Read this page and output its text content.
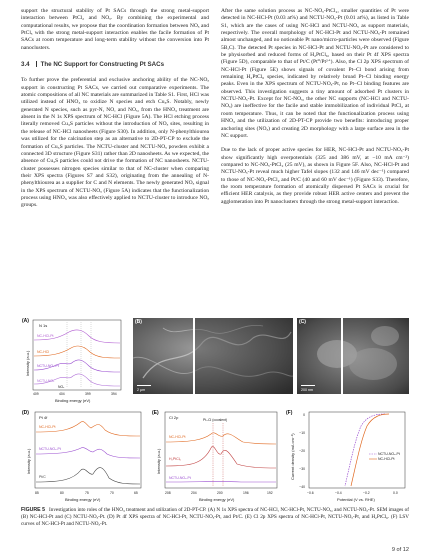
support the structural stability of Pt SACs through the strong metal-support interaction between PtCl₂ and NOₓ. By combining the experimental and computational results, we propose that the coordination formation between NOₓ and PtClₓ with the strong metal-support interaction enables the facile formation of Pt SACs at room temperature and long-term stability without the conversion into Pt nanoclusters.

3.4 The NC Support for Constructing Pt SACs

To further prove the preferential and exclusive anchoring ability of the NC-NOₓ support in constructing Pt SACs, we carried out comparative experiments. The atomic compositions of all NC materials are summarized in Table S1. First, HCl was utilized instead of HNO₃ to oxidize N species and etch Cu₃S. Notably, newly generated N species, such as pyr-N, NO, and NOₓ, from the HNO₃ treatment are absent in the N 1s XPS spectrum of NC-HCl (Figure 5A). The HCl etching process literally removed Cu₃S particles without the introduction of NOₓ sites, resulting in the release of NC-HCl nanosheets (Figure S30). In addition, only N-phenylthiourea was utilized for the calcination step as an alternative to 2D-PT-CP to exclude the formation of Cu₃S particles. The NCTU-cluster and NCTU-NOₓ powders exhibit a connected 3D structure (Figure S31) rather than 2D nanosheets. As we expected, the absence of Cu₃S particles could not drive the formation of NC nanosheets. NCTU-cluster possesses nitrogen species similar to that of NC-cluster when comparing their XPS spectra (Figures S7 and S32), originating from the annealing of N-phenylthiourea as a supplier for C and N elements. The newly generated NOₓ signal in the XPS spectrum of NCTU-NOₓ (Figure 5A) indicates that the functionalization process using HNO₃ was also effectively applied to NCTU-cluster to introduce NOₓ groups.

After the same solution process as NC-NOₓ-PtCl₂, smaller quantities of Pt were detected in NC-HCl-Pt (0.03 at%) and NCTU-NOₓ-Pt (0.01 at%), as listed in Table S1, which are the cases of using NC-HCl and NCTU-NOₓ as support materials, respectively. The overall morphology of NC-HCl-Pt and NCTU-NOₓ-Pt remained almost unchanged, and no noticeable Pt nano/micro-particles were observed (Figure 5B,C). The detected Pt species in NC-HCl-Pt and NCTU-NOₓ-Pt are considered to be physisorbed and reduced forms of H₂PtCl₆, based on their Pt 4f XPS spectra (Figure 5D), comparable to that of Pt/C (Pt⁰/Pt²⁺). Also, the Cl 2p XPS spectrum of NC-HCl-Pt (Figure 5E) shows signals of covalent Pt–Cl bond arising from remaining H₂PtCl₆ species, indicated by relatively broad Pt–Cl binding energy peaks. Even in the XPS spectrum of NCTU-NOₓ-Pt, no Pt–Cl binding features are observed. This investigation suggests a tiny amount of adsorbed Pt clusters in NCTU-NOₓ-Pt. Except for NC-NOₓ, the other NC supports (NC-HCl and NCTU-NOₓ) are ineffective for the facile and stable immobilization of individual PtCl₂ at room temperature. Thus, it can be noted that the functionalization process using HNO₃ and the utilization of 2D-PT-CP provide two benefits: introducing proper anchoring sites (NOₓ) and creating 2D morphology with a large surface area in the NC support.

Due to the lack of proper active species for HER, NC-HCl-Pt and NCTU-NOₓ-Pt show significantly high overpotentials (325 and 386 mV, at −10 mA cm⁻²) compared to NC-NOₓ-PtCl₂ (25 mV), as shown in Figure 5F. Also, NC-HCl-Pt and NCTU-NOₓ-Pt reveal much higher Tafel slopes (132 and 146 mV dec⁻¹) compared to those of NC-NOₓ-PtCl₂ and Pt/C (40 and 60 mV dec⁻¹) (Figure S33). Therefore, the room temperature formation of atomically dispersed Pt SACs is crucial for efficient HER catalysis, as they provide robust HER active centers and prevent the agglomeration into Pt nanoclusters through the strong metal-support interaction.

(A)
N 1s
Intensity (a.u.)
NC-HCl-Pt
NC-HCl
NCTU-NOₓ-Pt
NCTU-NOₓ
NOₓ
409	404	399	394
Binding energy (eV)
(B)
2 μm
(C)
200 nm
(D)
Pt 4f
Intensity (a.u.)
NC-HCl-Pt
NCTU-NOₓ-Pt
Pt/C
85	80	75	70	65
Binding energy (eV)
(E)
Cl 2p	Pt–Cl (covalent)
Intensity (a.u.)
NC-HCl-Pt
H₂PtCl₆
NCTU-NOₓ-Pt
208	204	200	196	192
Binding energy (eV)
(F)
Current density (mA cm⁻²)
0
−10
−20
−30
−40
NCTU-NOₓ-Pt
NC-HCl-Pt
−0.6	−0.4	−0.2	0.0
Potential (V vs. RHE)
FIGURE 5 Investigation into roles of the HNO₃ treatment and utilization of 2D-PT-CP. (A) N 1s XPS spectra of NC-HCl, NC-HCl-Pt, NCTU-NOₓ, and NCTU-NOₓ-Pt. SEM images of (B) NC-HCl-Pt and (C) NCTU-NOₓ-Pt. (D) Pt 4f XPS spectra of NC-HCl-Pt, NCTU-NOₓ-Pt, and Pt/C. (E) Cl 2p XPS spectra of NC-HCl-Pt, NCTU-NOₓ-Pt, and H₂PtCl₆. (F) LSV curves of NC-HCl-Pt and NCTU-NOₓ-Pt.
9 of 12
